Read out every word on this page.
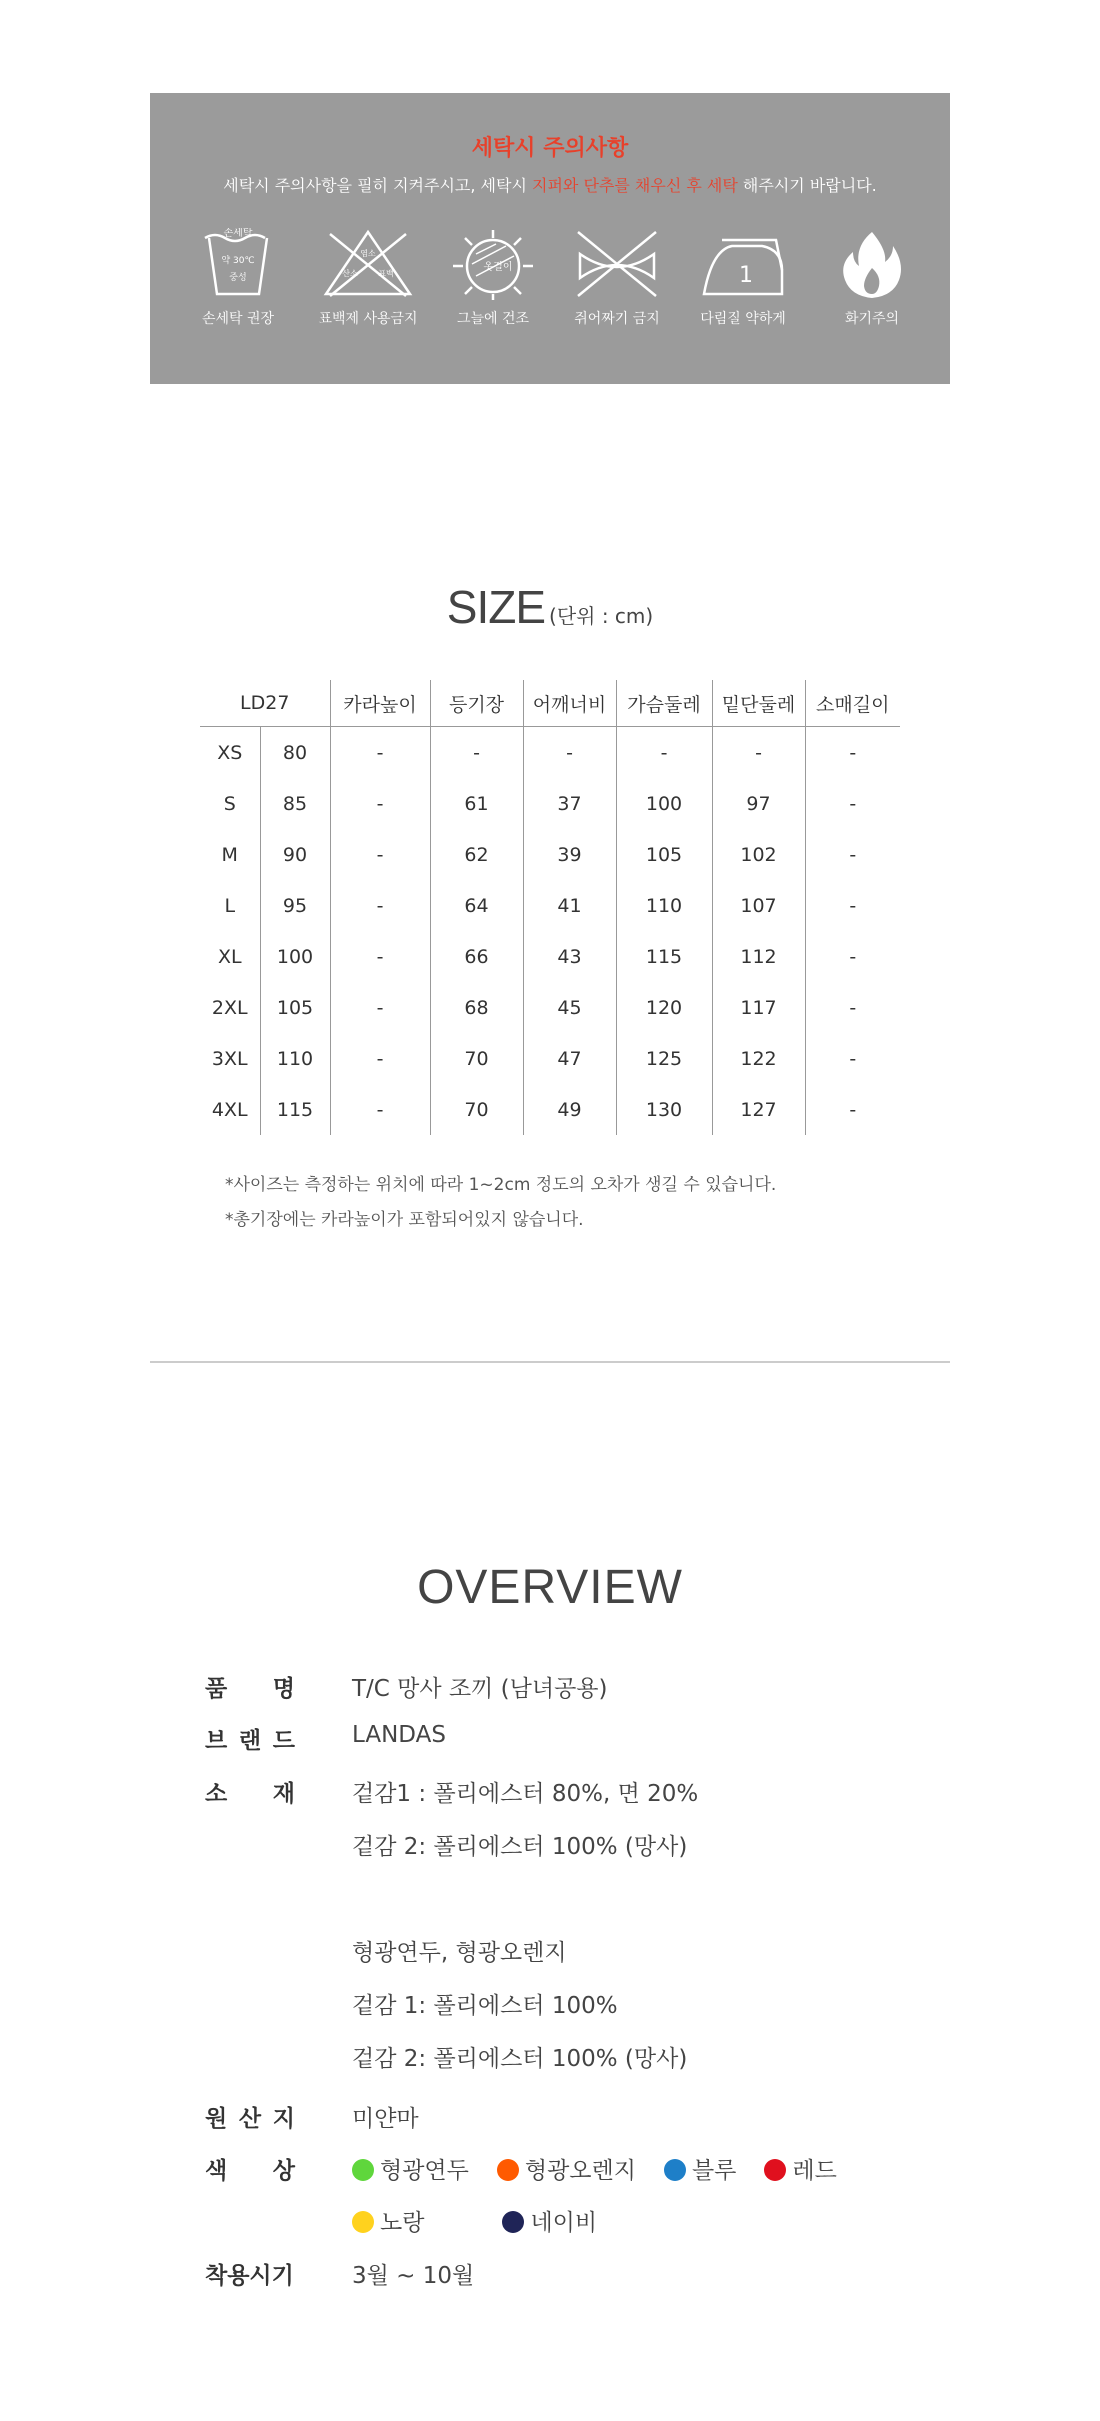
세탁시 주의사항
세탁시 주의사항을 필히 지켜주시고, 세탁시 지퍼와 단추를 채우신 후 세탁 해주시기 바랍니다.
손세탁
약 30℃
중성
손세탁 권장
염소
산소	표백
표백제 사용금지
옷걸이
그늘에 건조	쥐어짜기 금지
1
다림질 약하게	화기주의
SIZE (단위 : cm)
LD27		카라높이	등기장	어깨너비	가슴둘레	밑단둘레	소매길이
XS	80	-	-	-	-	-	-
S	85	-	61	37	100	97	-
M	90	-	62	39	105	102	-
L	95	-	64	41	110	107	-
XL	100	-	66	43	115	112	-
2XL	105	-	68	45	120	117	-
3XL	110	-	70	47	125	122	-
4XL	115	-	70	49	130	127	-
*사이즈는 측정하는 위치에 따라 1~2cm 정도의 오차가 생길 수 있습니다.
*총기장에는 카라높이가 포함되어있지 않습니다.
OVERVIEW
품 명 T/C 망사 조끼 (남녀공용)
브 랜 드 LANDAS
소 재 겉감1 : 폴리에스터 80%, 면 20%
겉감 2: 폴리에스터 100% (망사)
형광연두, 형광오렌지
겉감 1: 폴리에스터 100%
겉감 2: 폴리에스터 100% (망사)
원 산 지 미얀마
색 상	형광연두 형광오렌지 블루 레드
노랑	네이비
착용시기	3월 ~ 10월
